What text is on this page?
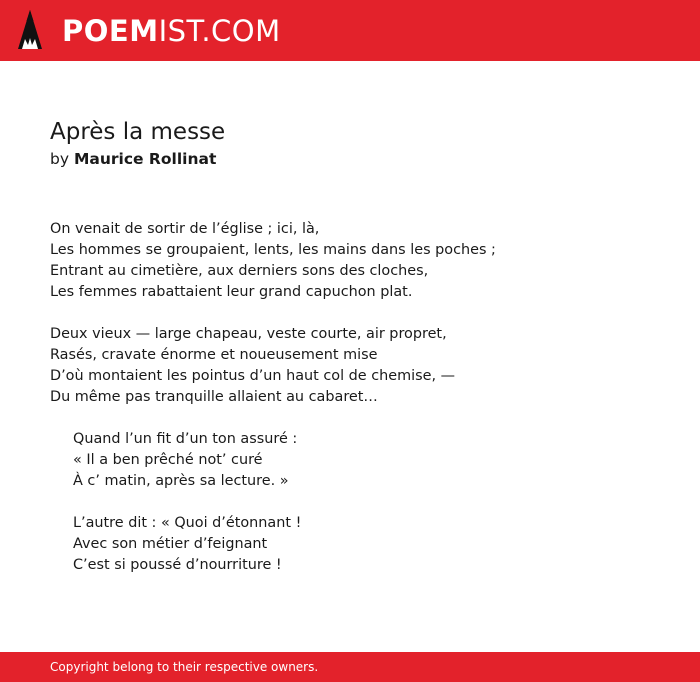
POEMIST.COM
Après la messe
by Maurice Rollinat
On venait de sortir de l’église ; ici, là,
Les hommes se groupaient, lents, les mains dans les poches ;
Entrant au cimetière, aux derniers sons des cloches,
Les femmes rabattaient leur grand capuchon plat.
Deux vieux — large chapeau, veste courte, air propret,
Rasés, cravate énorme et noueusement mise
D’où montaient les pointus d’un haut col de chemise, —
Du même pas tranquille allaient au cabaret…
Quand l’un fit d’un ton assuré :
« Il a ben prêché not’ curé
À c’ matin, après sa lecture. »
L’autre dit : « Quoi d’étonnant !
Avec son métier d’feignant
C’est si poussé d’nourriture !
Copyright belong to their respective owners.
